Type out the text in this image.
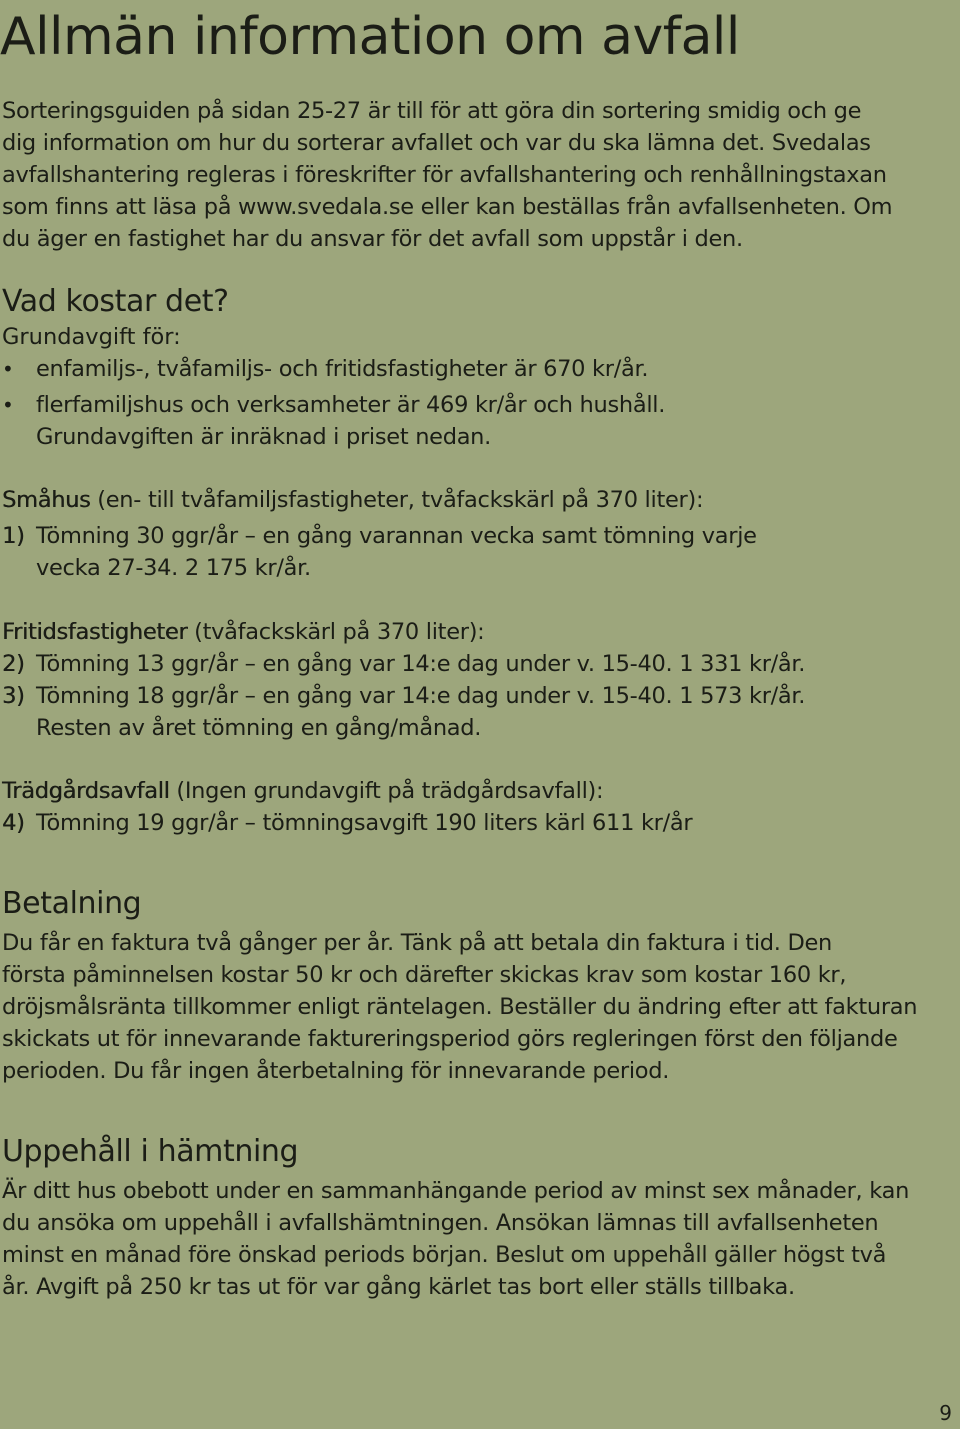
Allmän information om avfall

Sorteringsguiden på sidan 25-27 är till för att göra din sortering smidig och ge
dig information om hur du sorterar avfallet och var du ska lämna det. Svedalas
avfallshantering regleras i föreskrifter för avfallshantering och renhållningstaxan
som finns att läsa på www.svedala.se eller kan beställas från avfallsenheten. Om
du äger en fastighet har du ansvar för det avfall som uppstår i den.

Vad kostar det?
Grundavgift för:
• enfamiljs-, tvåfamiljs- och fritidsfastigheter är 670 kr/år.
• flerfamiljshus och verksamheter är 469 kr/år och hushåll.
Grundavgiften är inräknad i priset nedan.
Småhus (en- till tvåfamiljsfastigheter, tvåfackskärl på 370 liter):
1) Tömning 30 ggr/år – en gång varannan vecka samt tömning varje
vecka 27-34. 2 175 kr/år.
Fritidsfastigheter (tvåfackskärl på 370 liter):
2) Tömning 13 ggr/år – en gång var 14:e dag under v. 15-40. 1 331 kr/år.
3) Tömning 18 ggr/år – en gång var 14:e dag under v. 15-40. 1 573 kr/år.
Resten av året tömning en gång/månad.
Trädgårdsavfall (Ingen grundavgift på trädgårdsavfall):
4) Tömning 19 ggr/år – tömningsavgift 190 liters kärl 611 kr/år
Betalning

Du får en faktura två gånger per år. Tänk på att betala din faktura i tid. Den
första påminnelsen kostar 50 kr och därefter skickas krav som kostar 160 kr,
dröjsmålsränta tillkommer enligt räntelagen. Beställer du ändring efter att fakturan
skickats ut för innevarande faktureringsperiod görs regleringen först den följande
perioden. Du får ingen återbetalning för innevarande period.

Uppehåll i hämtning

Är ditt hus obebott under en sammanhängande period av minst sex månader, kan
du ansöka om uppehåll i avfallshämtningen. Ansökan lämnas till avfallsenheten
minst en månad före önskad periods början. Beslut om uppehåll gäller högst två
år. Avgift på 250 kr tas ut för var gång kärlet tas bort eller ställs tillbaka.

9
